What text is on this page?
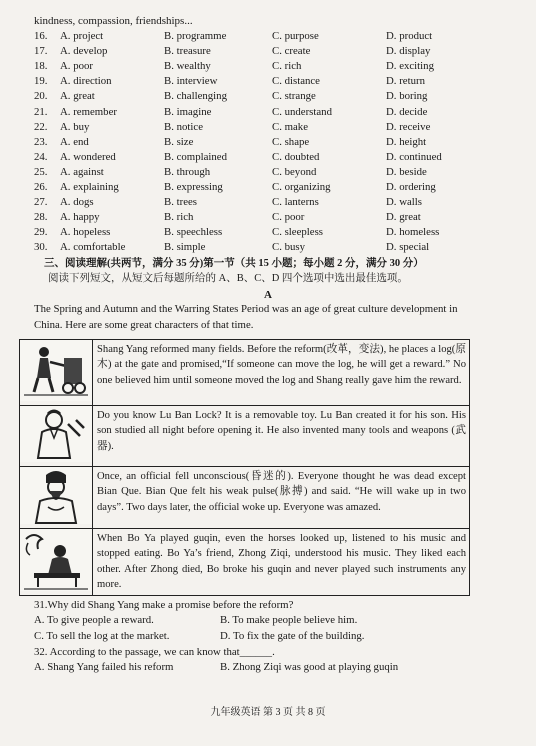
kindness, compassion, friendships...
16. A. project	B. programme	C. purpose	D. product
17. A. develop	B. treasure	C. create	D. display
18. A. poor	B. wealthy	C. rich	D. exciting
19. A. direction	B. interview	C. distance	D. return
20. A. great	B. challenging	C. strange	D. boring
21. A. remember	B. imagine	C. understand	D. decide
22. A. buy	B. notice	C. make	D. receive
23. A. end	B. size	C. shape	D. height
24. A. wondered	B. complained	C. doubted	D. continued
25. A. against	B. through	C. beyond	D. beside
26. A. explaining	B. expressing	C. organizing	D. ordering
27. A. dogs	B. trees	C. lanterns	D. walls
28. A. happy	B. rich	C. poor	D. great
29. A. hopeless	B. speechless	C. sleepless	D. homeless
30. A. comfortable	B. simple	C. busy	D. special
三、阅读理解(共两节，满分 35 分)第一节（共 15 小题；每小题 2 分，满分 30 分）
阅读下列短文，从短文后每题所给的 A、B、C、D 四个选项中选出最佳选项。
A
The Spring and Autumn and the Warring States Period was an age of great culture development in China. Here are some great characters of that time.
	Shang Yang reformed many fields. Before the reform(改革，变法), he places a log(原木) at the gate and promised,“If someone can move the log, he will get a reward.” No one believed him until someone moved the log and Shang really gave him the reward.

	Do you know Lu Ban Lock? It is a removable toy. Lu Ban created it for his son. His son studied all night before opening it. He also invented many tools and weapons (武器).

	Once, an official fell unconscious(昏迷的). Everyone thought he was dead except Bian Que. Bian Que felt his weak pulse(脉搏) and said. “He will wake up in two days”. Two days later, the official woke up. Everyone was amazed.

	When Bo Ya played guqin, even the horses looked up, listened to his music and stopped eating. Bo Ya’s friend, Zhong Ziqi, understood his music. They liked each other. After Zhong died, Bo broke his guqin and never played such instruments any more.
31.Why did Shang Yang make a promise before the reform?
A. To give people a reward.	B. To make people believe him.
C. To sell the log at the market.	D. To fix the gate of the building.
32. According to the passage, we can know that______.
A. Shang Yang failed his reform	B. Zhong Ziqi was good at playing guqin
九年级英语 第 3 页 共 8 页
